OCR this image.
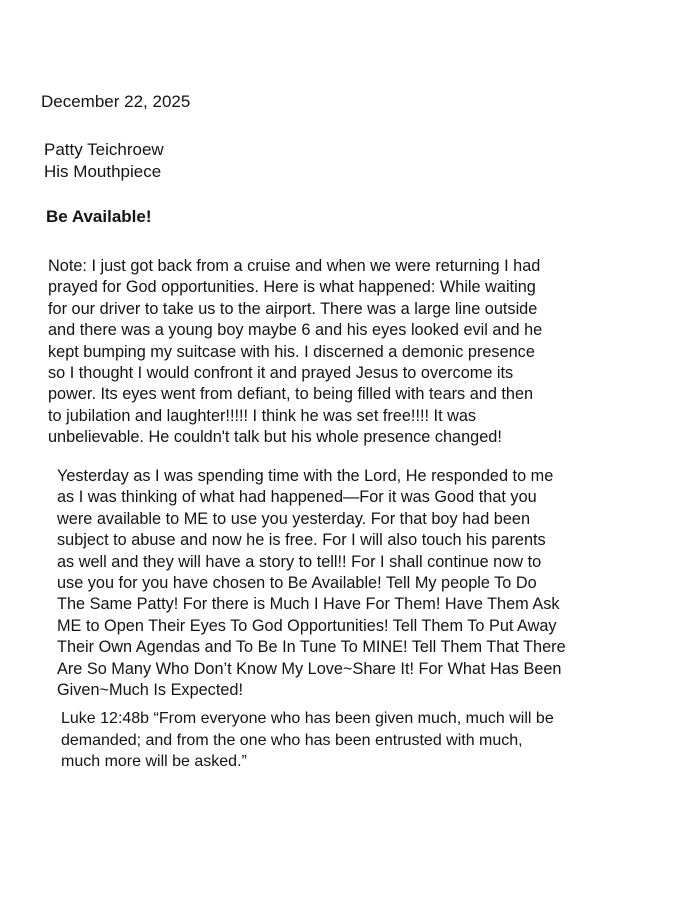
December 22, 2025

Patty Teichroew
His Mouthpiece

Be Available!

Note: I just got back from a cruise and when we were returning I had
prayed for God opportunities. Here is what happened: While waiting
for our driver to take us to the airport. There was a large line outside
and there was a young boy maybe 6 and his eyes looked evil and he
kept bumping my suitcase with his. I discerned a demonic presence
so I thought I would confront it and prayed Jesus to overcome its
power. Its eyes went from defiant, to being filled with tears and then
to jubilation and laughter!!!!! I think he was set free!!!! It was
unbelievable. He couldn't talk but his whole presence changed!

Yesterday as I was spending time with the Lord, He responded to me
as I was thinking of what had happened—For it was Good that you
were available to ME to use you yesterday. For that boy had been
subject to abuse and now he is free. For I will also touch his parents
as well and they will have a story to tell!! For I shall continue now to
use you for you have chosen to Be Available! Tell My people To Do
The Same Patty! For there is Much I Have For Them! Have Them Ask
ME to Open Their Eyes To God Opportunities! Tell Them To Put Away
Their Own Agendas and To Be In Tune To MINE! Tell Them That There
Are So Many Who Don’t Know My Love~Share It! For What Has Been
Given~Much Is Expected!

Luke 12:48b “From everyone who has been given much, much will be
demanded; and from the one who has been entrusted with much,
much more will be asked.”
